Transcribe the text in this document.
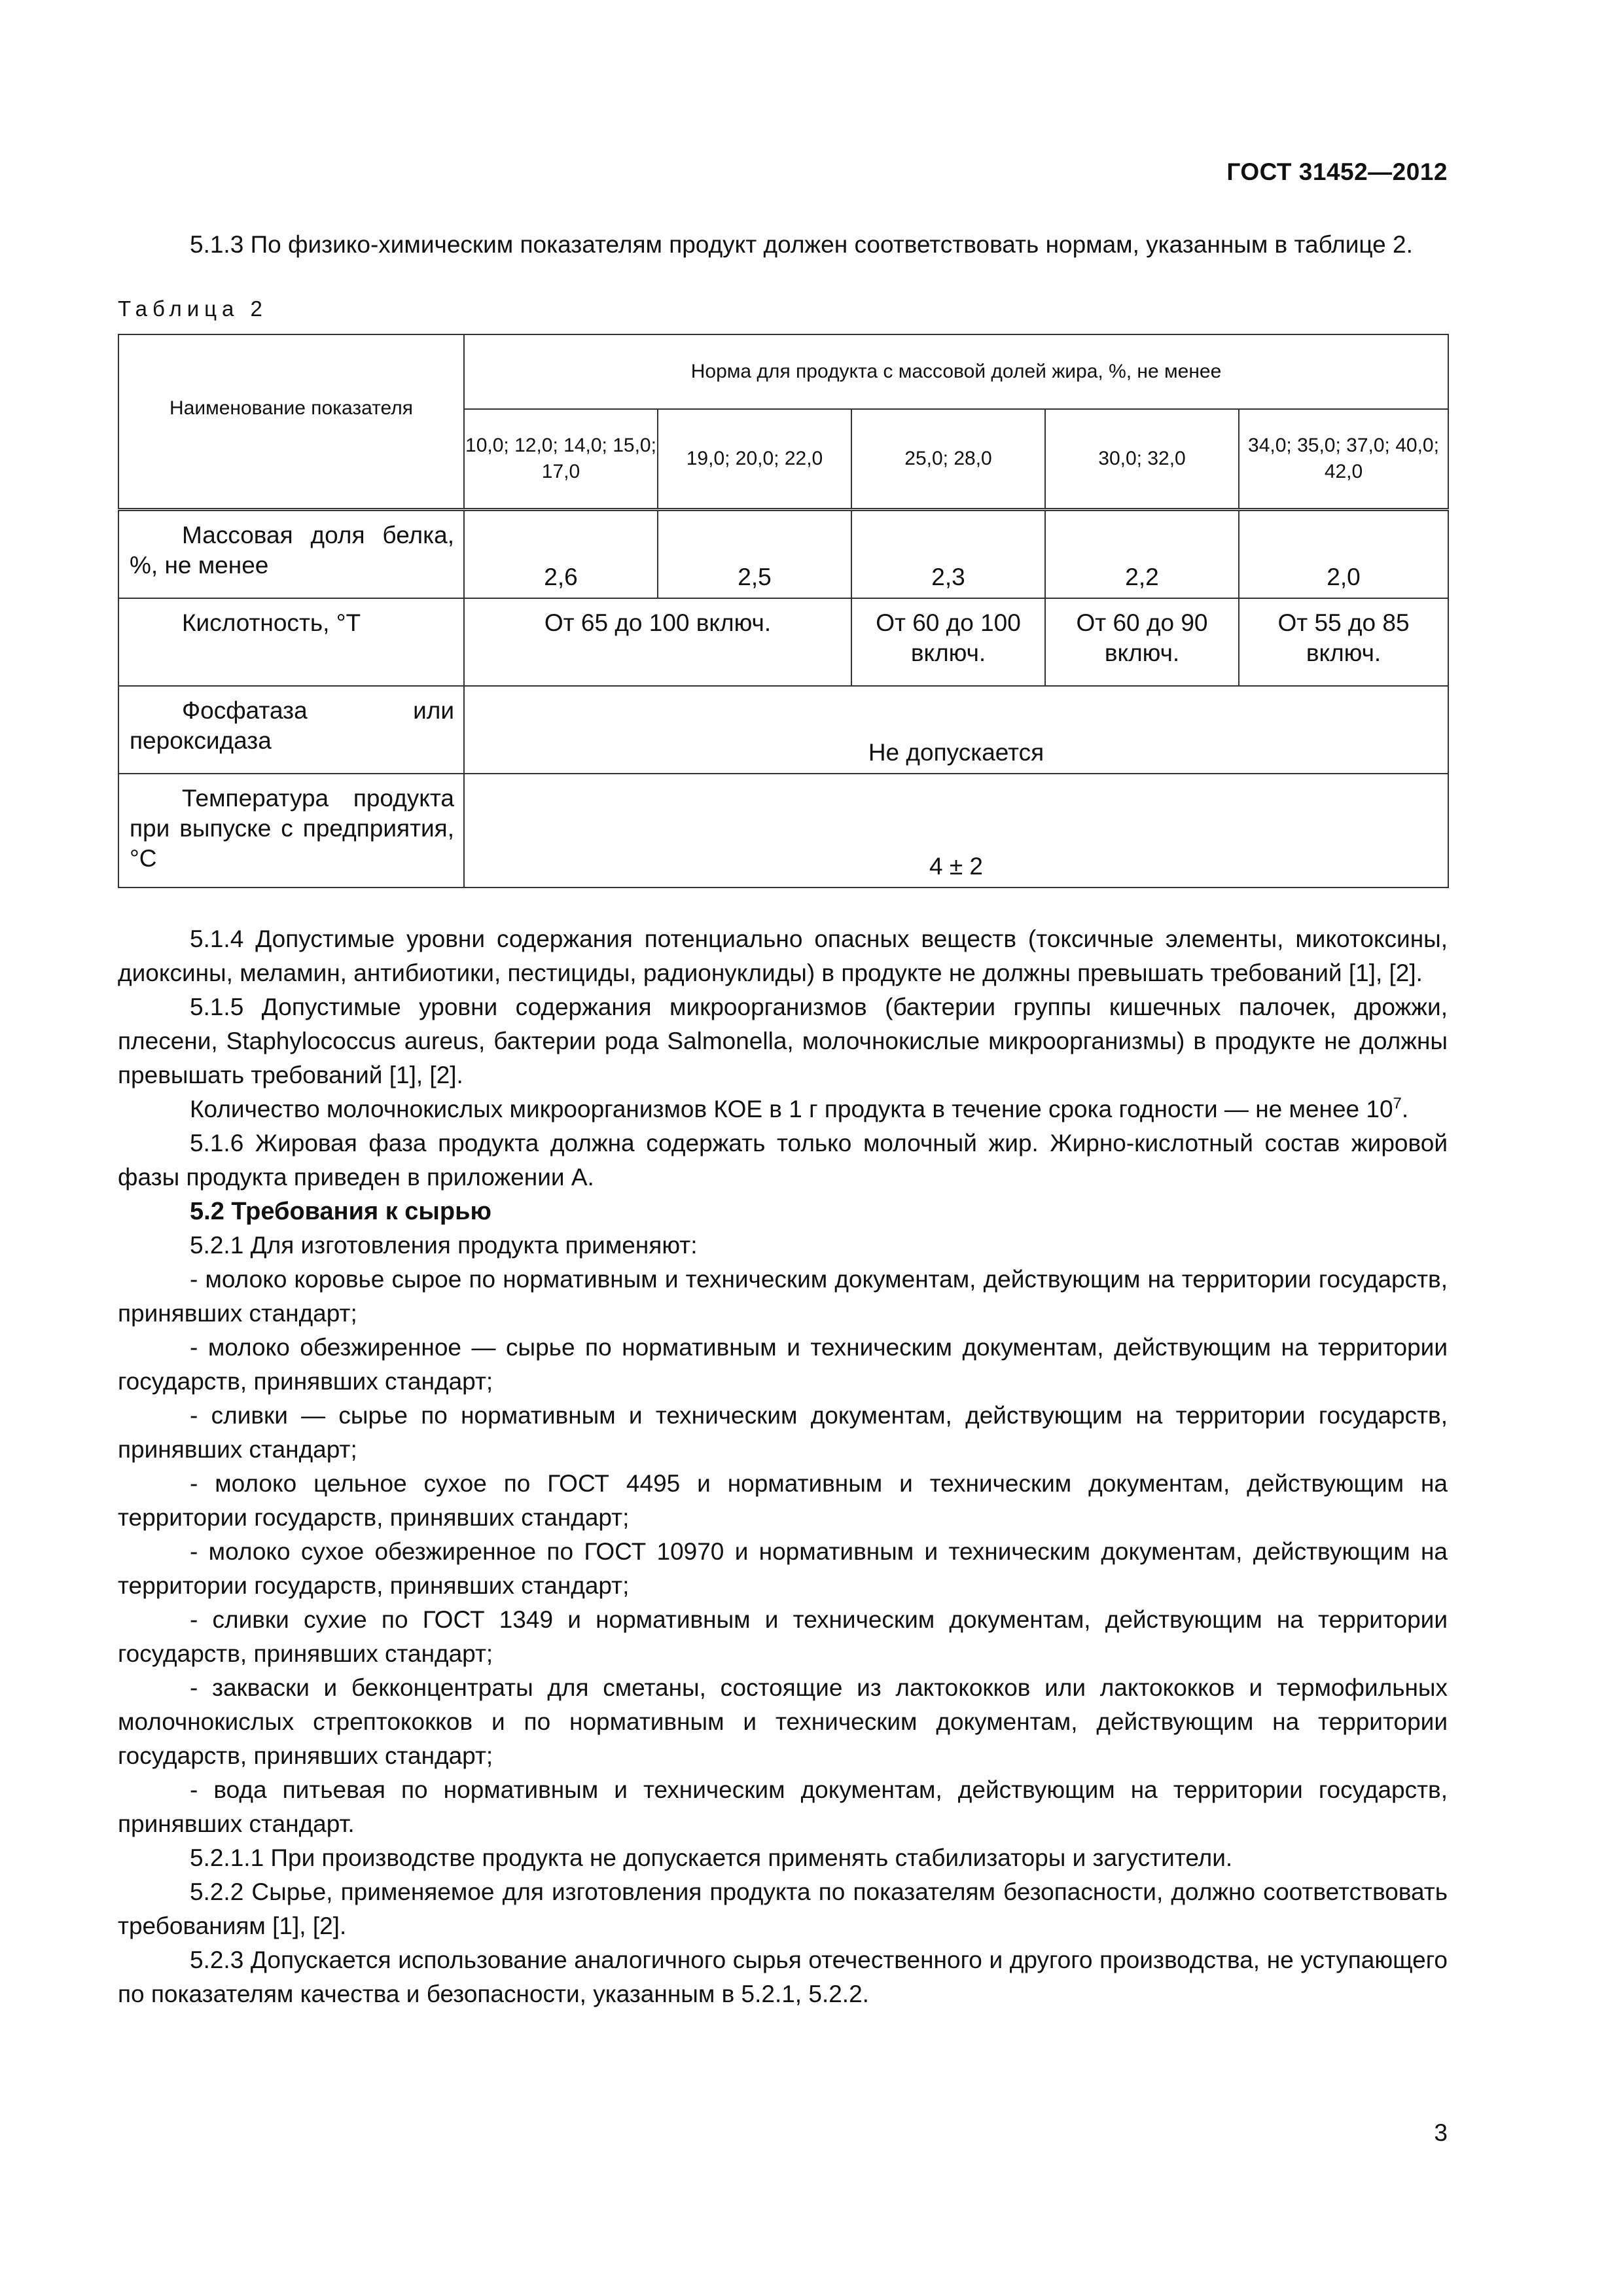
ГОСТ 31452—2012

5.1.3 По физико-химическим показателям продукт должен соответствовать нормам, указанным в таблице 2.

Таблица 2
Наименование показателя	Норма для продукта с массовой долей жира, %, не менее				
	10,0; 12,0; 14,0; 15,0; 17,0	19,0; 20,0; 22,0	25,0; 28,0	30,0; 32,0	34,0; 35,0; 37,0; 40,0; 42,0
Массовая доля белка, %, не менее	2,6	2,5	2,3	2,2	2,0
Кислотность, °Т	От 65 до 100 включ.		От 60 до 100 включ.	От 60 до 90 включ.	От 55 до 85 включ.
Фосфатаза или пероксидаза	Не допускается				
Температура продукта при выпуске с предприятия, °С	4 ± 2				

5.1.4 Допустимые уровни содержания потенциально опасных веществ (токсичные элементы, микотоксины, диоксины, меламин, антибиотики, пестициды, радионуклиды) в продукте не должны превышать требований [1], [2].

5.1.5 Допустимые уровни содержания микроорганизмов (бактерии группы кишечных палочек, дрожжи, плесени, Staphylococcus aureus, бактерии рода Salmonella, молочнокислые микроорганизмы) в продукте не должны превышать требований [1], [2].

Количество молочнокислых микроорганизмов КОЕ в 1 г продукта в течение срока годности — не менее $10^7$.

5.1.6 Жировая фаза продукта должна содержать только молочный жир. Жирно-кислотный состав жировой фазы продукта приведен в приложении А.

5.2 Требования к сырью

5.2.1 Для изготовления продукта применяют:

- молоко коровье сырое по нормативным и техническим документам, действующим на территории государств, принявших стандарт;

- молоко обезжиренное — сырье по нормативным и техническим документам, действующим на территории государств, принявших стандарт;

- сливки — сырье по нормативным и техническим документам, действующим на территории государств, принявших стандарт;

- молоко цельное сухое по ГОСТ 4495 и нормативным и техническим документам, действующим на территории государств, принявших стандарт;

- молоко сухое обезжиренное по ГОСТ 10970 и нормативным и техническим документам, действующим на территории государств, принявших стандарт;

- сливки сухие по ГОСТ 1349 и нормативным и техническим документам, действующим на территории государств, принявших стандарт;

- закваски и бекконцентраты для сметаны, состоящие из лактококков или лактококков и термофильных молочнокислых стрептококков и по нормативным и техническим документам, действующим на территории государств, принявших стандарт;

- вода питьевая по нормативным и техническим документам, действующим на территории государств, принявших стандарт.

5.2.1.1 При производстве продукта не допускается применять стабилизаторы и загустители.

5.2.2 Сырье, применяемое для изготовления продукта по показателям безопасности, должно соответствовать требованиям [1], [2].

5.2.3 Допускается использование аналогичного сырья отечественного и другого производства, не уступающего по показателям качества и безопасности, указанным в 5.2.1, 5.2.2.

3
